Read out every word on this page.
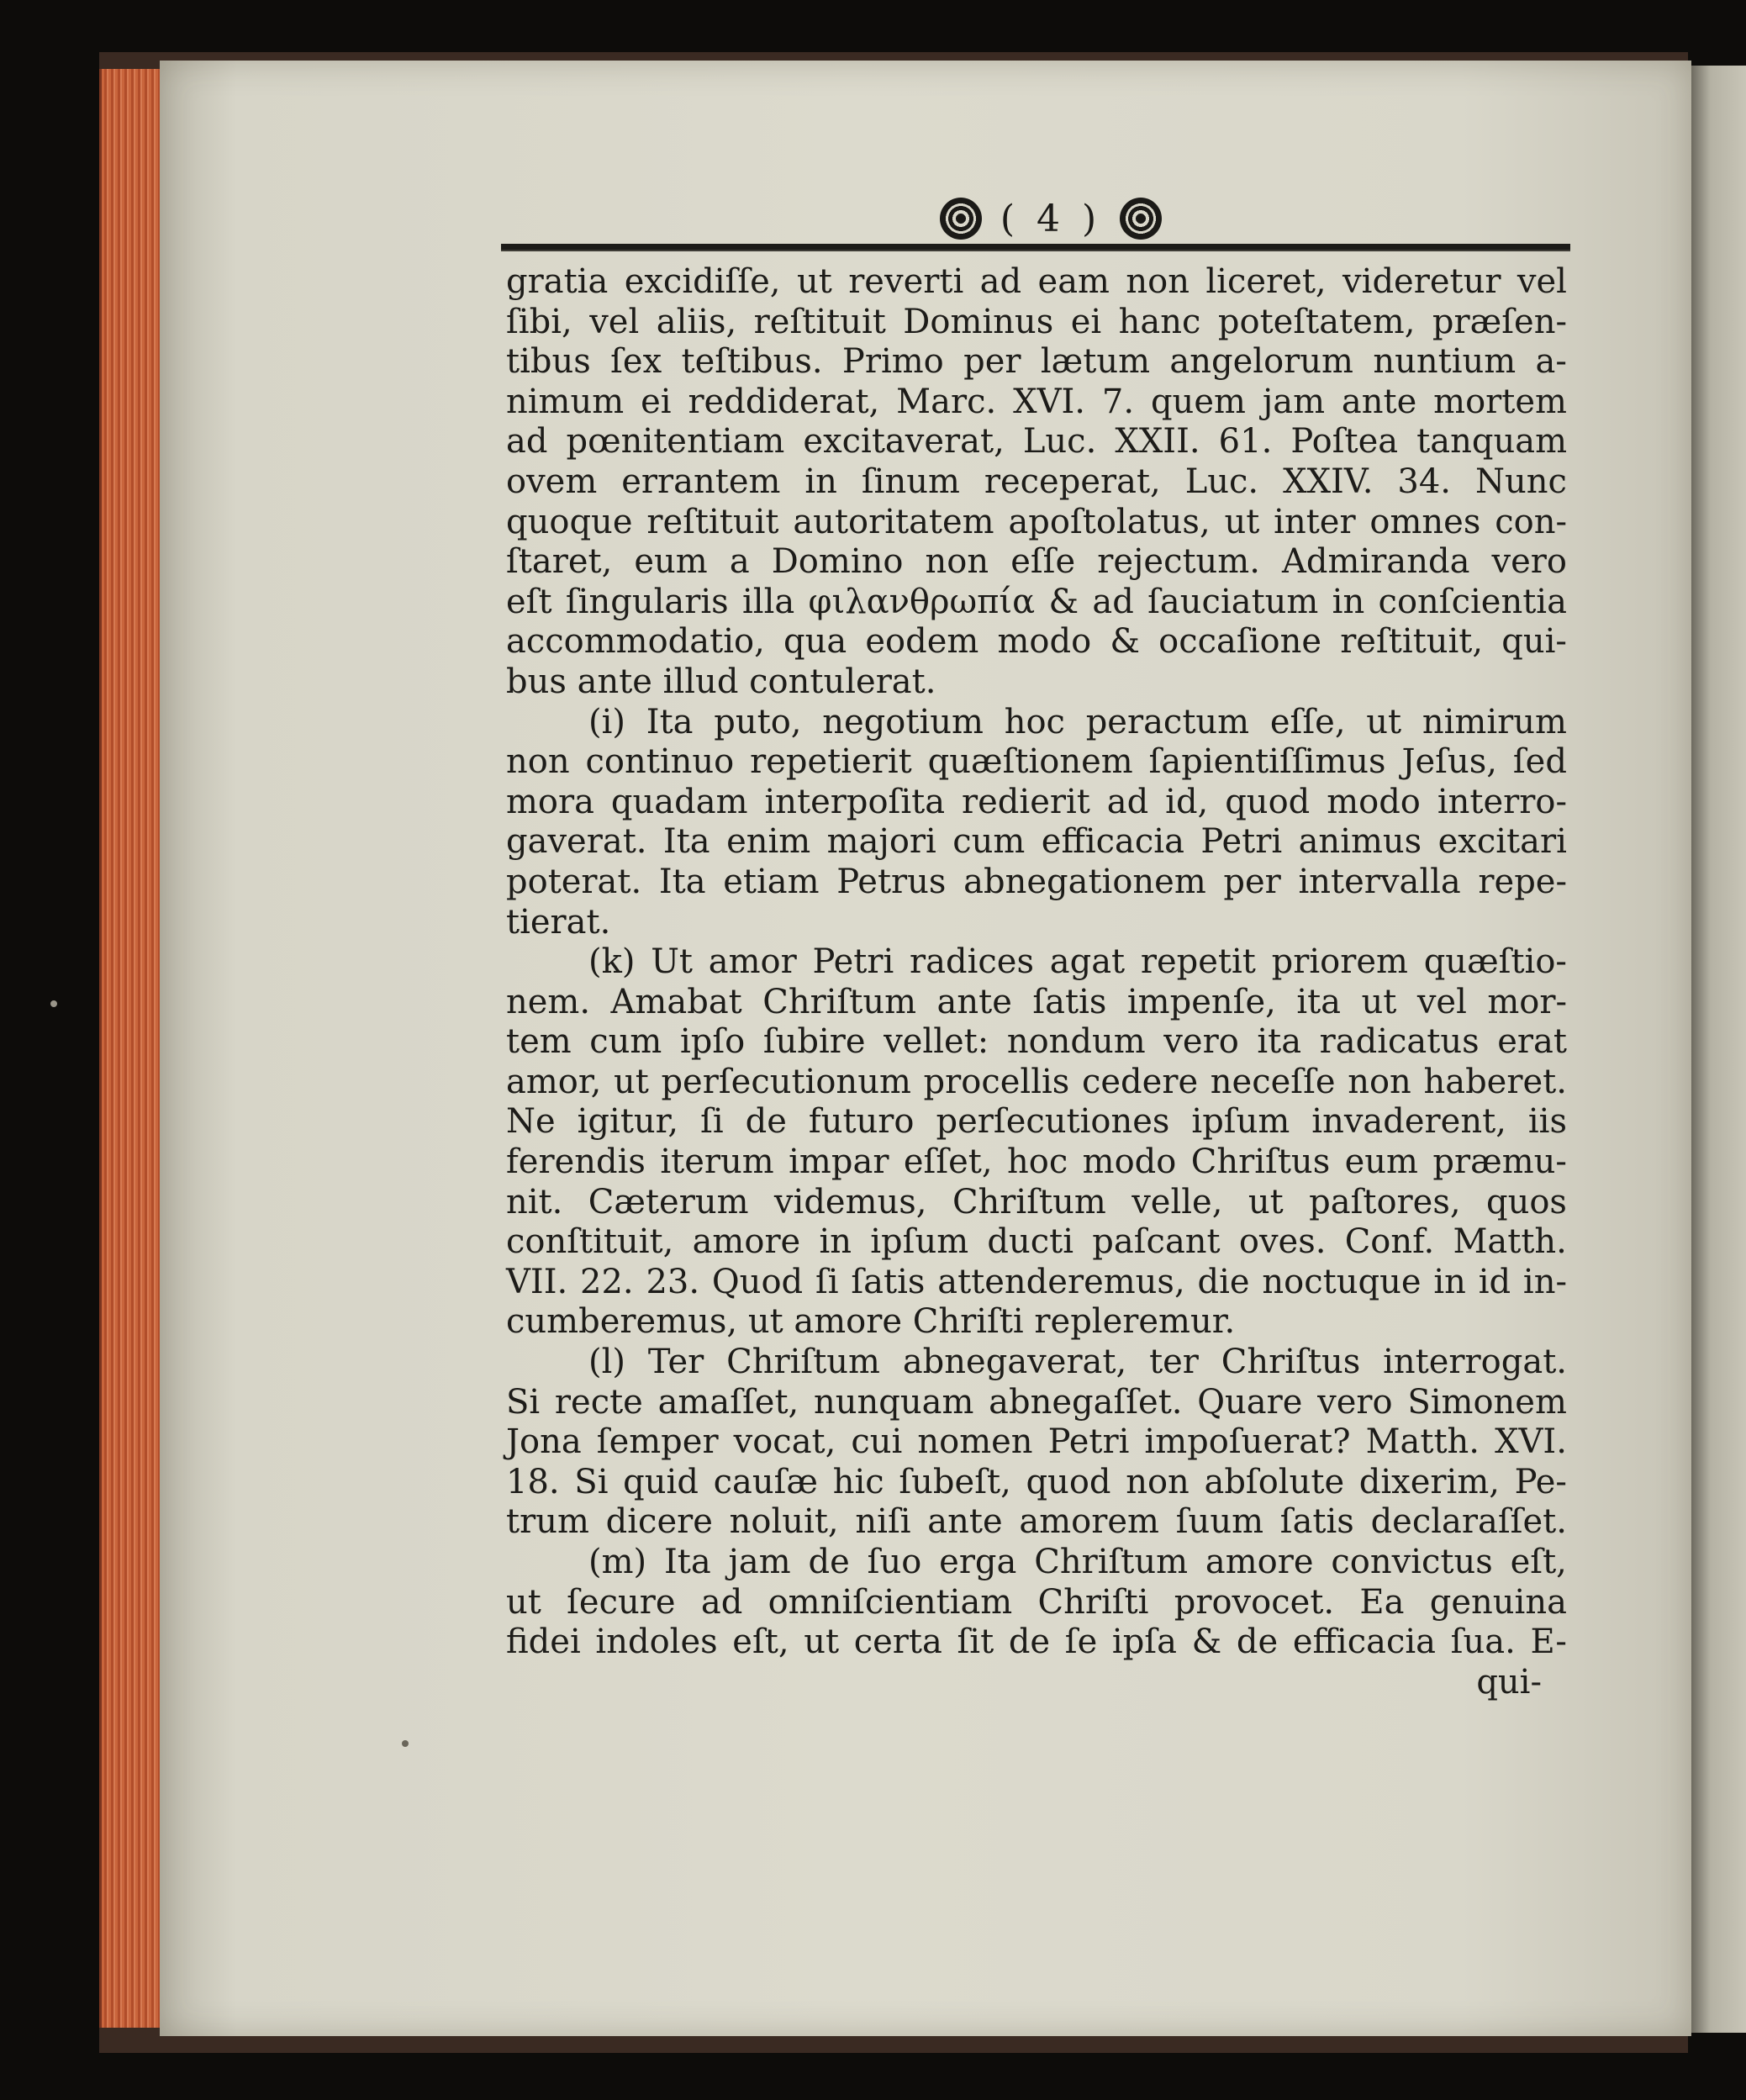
( 4 )
gratia excidiſſe, ut reverti ad eam non liceret, videretur vel
ſibi, vel aliis, reſtituit Dominus ei hanc poteſtatem, præſen-
tibus ſex teſtibus. Primo per lætum angelorum nuntium a-
nimum ei reddiderat, Marc. XVI. 7. quem jam ante mortem
ad pœnitentiam excitaverat, Luc. XXII. 61. Poſtea tanquam
ovem errantem in ſinum receperat, Luc. XXIV. 34. Nunc
quoque reſtituit autoritatem apoſtolatus, ut inter omnes con-
ſtaret, eum a Domino non eſſe rejectum. Admiranda vero
eſt ſingularis illa φιλανθρωπία & ad ſauciatum in conſcientia
accommodatio, qua eodem modo & occaſione reſtituit, qui-
bus ante illud contulerat.
(i) Ita puto, negotium hoc peractum eſſe, ut nimirum
non continuo repetierit quæſtionem ſapientiſſimus Jeſus, ſed
mora quadam interpoſita redierit ad id, quod modo interro-
gaverat. Ita enim majori cum efficacia Petri animus excitari
poterat. Ita etiam Petrus abnegationem per intervalla repe-
tierat.
(k) Ut amor Petri radices agat repetit priorem quæſtio-
nem. Amabat Chriſtum ante ſatis impenſe, ita ut vel mor-
tem cum ipſo ſubire vellet: nondum vero ita radicatus erat
amor, ut perſecutionum procellis cedere neceſſe non haberet.
Ne igitur, ſi de futuro perſecutiones ipſum invaderent, iis
ferendis iterum impar eſſet, hoc modo Chriſtus eum præmu-
nit. Cæterum videmus, Chriſtum velle, ut paſtores, quos
conſtituit, amore in ipſum ducti paſcant oves. Conf. Matth.
VII. 22. 23. Quod ſi ſatis attenderemus, die noctuque in id in-
cumberemus, ut amore Chriſti repleremur.
(l) Ter Chriſtum abnegaverat, ter Chriſtus interrogat.
Si recte amaſſet, nunquam abnegaſſet. Quare vero Simonem
Jona ſemper vocat, cui nomen Petri impoſuerat? Matth. XVI.
18. Si quid cauſæ hic ſubeſt, quod non abſolute dixerim, Pe-
trum dicere noluit, niſi ante amorem ſuum ſatis declaraſſet.
(m) Ita jam de ſuo erga Chriſtum amore convictus eſt,
ut ſecure ad omniſcientiam Chriſti provocet. Ea genuina
fidei indoles eſt, ut certa ſit de ſe ipſa & de efficacia ſua. E-
qui-
